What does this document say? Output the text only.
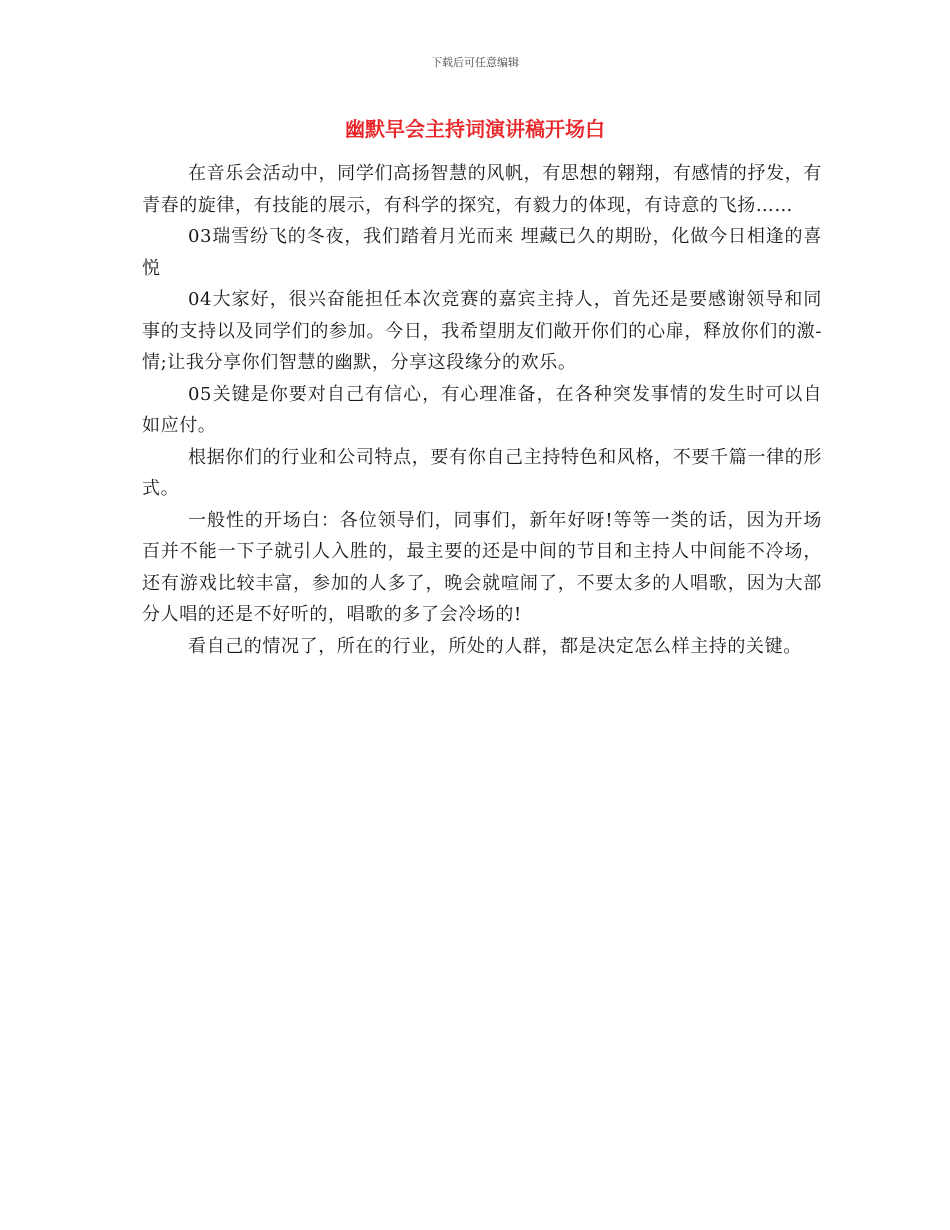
下载后可任意编辑
幽默早会主持词演讲稿开场白

在音乐会活动中，同学们高扬智慧的风帆，有思想的翱翔，有感情的抒发，有青春的旋律，有技能的展示，有科学的探究，有毅力的体现，有诗意的飞扬……

03瑞雪纷飞的冬夜，我们踏着月光而来 埋藏已久的期盼，化做今日相逢的喜悦

04大家好，很兴奋能担任本次竞赛的嘉宾主持人，首先还是要感谢领导和同事的支持以及同学们的参加。今日，我希望朋友们敞开你们的心扉，释放你们的激-情;让我分享你们智慧的幽默，分享这段缘分的欢乐。

05关键是你要对自己有信心，有心理准备，在各种突发事情的发生时可以自如应付。

根据你们的行业和公司特点，要有你自己主持特色和风格，不要千篇一律的形式。

一般性的开场白：各位领导们，同事们，新年好呀!等等一类的话，因为开场百并不能一下子就引人入胜的，最主要的还是中间的节目和主持人中间能不冷场，还有游戏比较丰富，参加的人多了，晚会就喧闹了，不要太多的人唱歌，因为大部分人唱的还是不好听的，唱歌的多了会冷场的!

看自己的情况了，所在的行业，所处的人群，都是决定怎么样主持的关键。
